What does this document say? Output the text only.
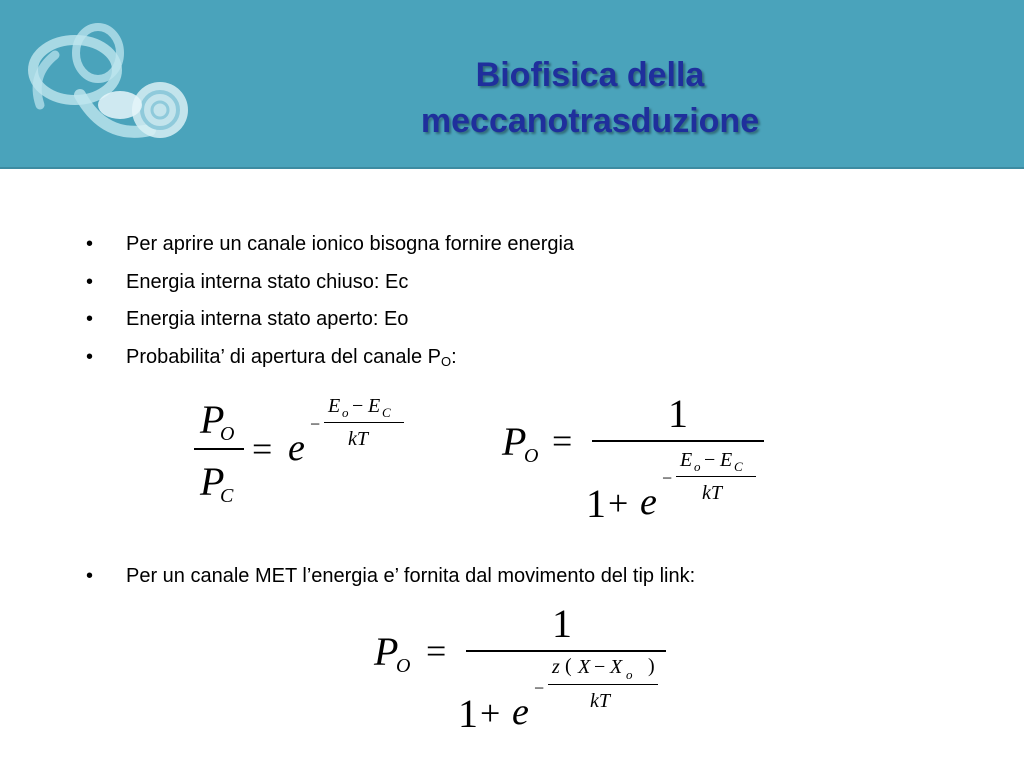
Biofisica della
meccanotrasduzione
• Per aprire un canale ionico bisogna fornire energia
• Energia interna stato chiuso: Ec
• Energia interna stato aperto: Eo
• Probabilita’ di apertura del canale $P_O$:
P
O
P
C
= e
−
E o − E C
kT	P
O =
1
1 + e
−
E o − E C
kT
• Per un canale MET l’energia e’ fornita dal movimento del tip link:
P
O =
1
1 + e
−
z ( X − X o )
kT
